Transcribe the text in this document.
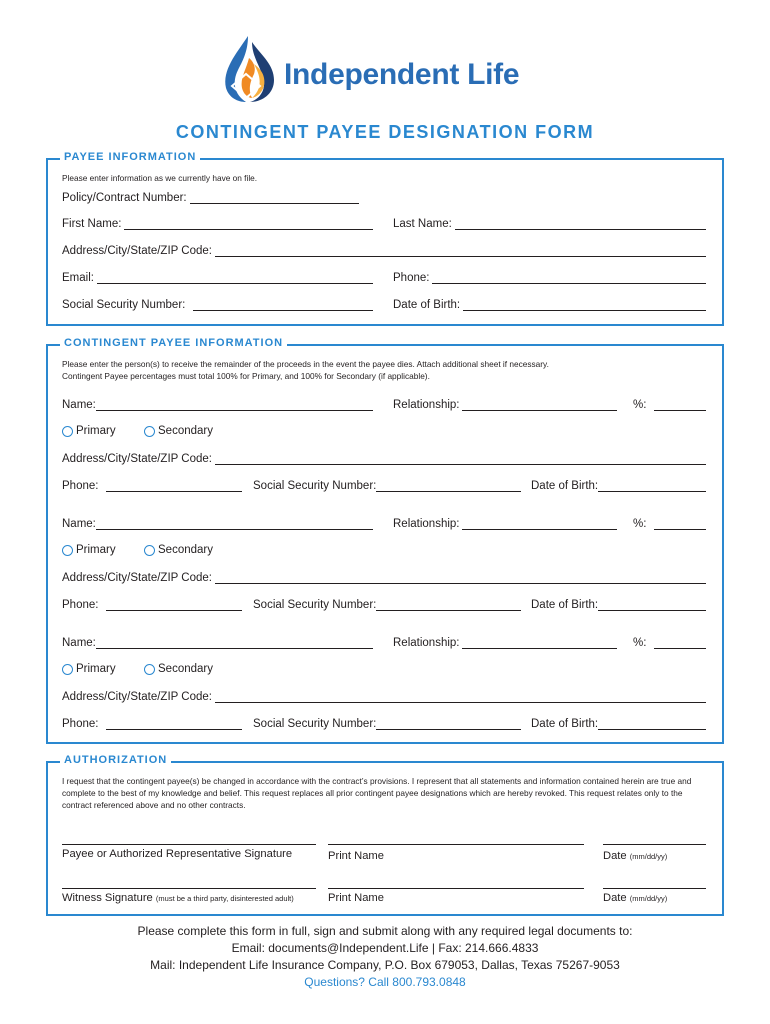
Independent Life
CONTINGENT PAYEE DESIGNATION FORM
PAYEE INFORMATION
Please enter information as we currently have on file.
Policy/Contract Number:
First Name:	Last Name:
Address/City/State/ZIP Code:
Email:	Phone:
Social Security Number:	Date of Birth:
CONTINGENT PAYEE INFORMATION
Please enter the person(s) to receive the remainder of the proceeds in the event the payee dies. Attach additional sheet if necessary.
Contingent Payee percentages must total 100% for Primary, and 100% for Secondary (if applicable).
Name:	Relationship:	%:
Primary	Secondary
Address/City/State/ZIP Code:
Phone:	Social Security Number:	Date of Birth:
Name:	Relationship:	%:
Primary	Secondary
Address/City/State/ZIP Code:
Phone:	Social Security Number:	Date of Birth:
Name:	Relationship:	%:
Primary	Secondary
Address/City/State/ZIP Code:
Phone:	Social Security Number:	Date of Birth:
AUTHORIZATION
I request that the contingent payee(s) be changed in accordance with the contract’s provisions. I represent that all statements and information contained herein are true and complete to the best of my knowledge and belief. This request replaces all prior contingent payee designations which are hereby revoked. This request relates only to the contract referenced above and no other contracts.
Payee or Authorized Representative Signature	Print Name	Date (mm/dd/yy)
Witness Signature (must be a third party, disinterested adult)	Print Name	Date (mm/dd/yy)
Please complete this form in full, sign and submit along with any required legal documents to:
Email: documents@Independent.Life | Fax: 214.666.4833
Mail: Independent Life Insurance Company, P.O. Box 679053, Dallas, Texas 75267-9053
Questions? Call 800.793.0848
